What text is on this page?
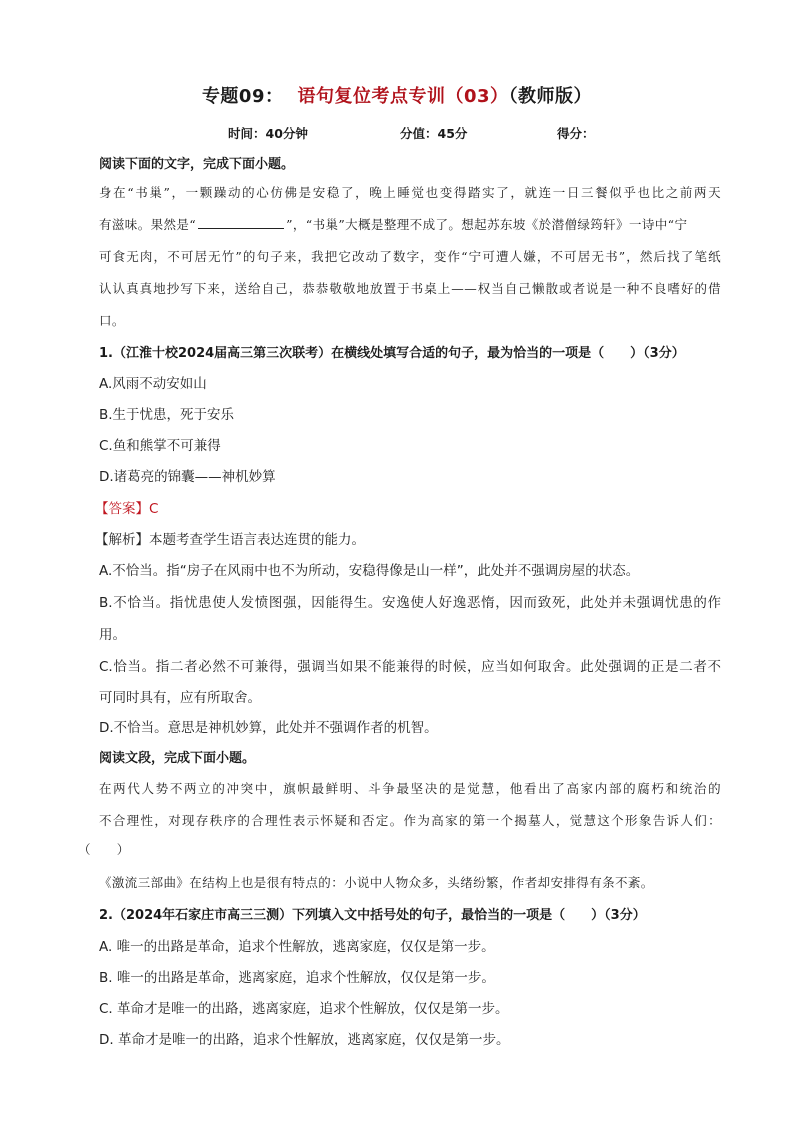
专题09： 语句复位考点专训（03）（教师版）
时间：40分钟	分值：45分	得分：
阅读下面的文字，完成下面小题。
身在“书巢”，一颗躁动的心仿佛是安稳了，晚上睡觉也变得踏实了，就连一日三餐似乎也比之前两天
有滋味。果然是“	”，“书巢”大概是整理不成了。想起苏东坡《於潜僧绿筠轩》一诗中“宁
可食无肉，不可居无竹”的句子来，我把它改动了数字，变作“宁可遭人嫌，不可居无书”，然后找了笔纸
认认真真地抄写下来，送给自己，恭恭敬敬地放置于书桌上——权当自己懒散或者说是一种不良嗜好的借
口。
1.（江淮十校2024届高三第三次联考）在横线处填写合适的句子，最为恰当的一项是（　　）（3分）
A.风雨不动安如山
B.生于忧患，死于安乐
C.鱼和熊掌不可兼得
D.诸葛亮的锦囊——神机妙算
【答案】C
【解析】本题考查学生语言表达连贯的能力。
A.不恰当。指“房子在风雨中也不为所动，安稳得像是山一样”，此处并不强调房屋的状态。
B.不恰当。指忧患使人发愤图强，因能得生。安逸使人好逸恶惰，因而致死，此处并未强调忧患的作
用。
C.恰当。指二者必然不可兼得，强调当如果不能兼得的时候，应当如何取舍。此处强调的正是二者不
可同时具有，应有所取舍。
D.不恰当。意思是神机妙算，此处并不强调作者的机智。
阅读文段，完成下面小题。
在两代人势不两立的冲突中，旗帜最鲜明、斗争最坚决的是觉慧，他看出了高家内部的腐朽和统治的
不合理性，对现存秩序的合理性表示怀疑和否定。作为高家的第一个揭墓人，觉慧这个形象告诉人们：
（　　）
《激流三部曲》在结构上也是很有特点的：小说中人物众多，头绪纷繁，作者却安排得有条不紊。
2.（2024年石家庄市高三三测）下列填入文中括号处的句子，最恰当的一项是（　　）（3分）
A. 唯一的出路是革命，追求个性解放，逃离家庭，仅仅是第一步。
B. 唯一的出路是革命，逃离家庭，追求个性解放，仅仅是第一步。
C. 革命才是唯一的出路，逃离家庭，追求个性解放，仅仅是第一步。
D. 革命才是唯一的出路，追求个性解放，逃离家庭，仅仅是第一步。
